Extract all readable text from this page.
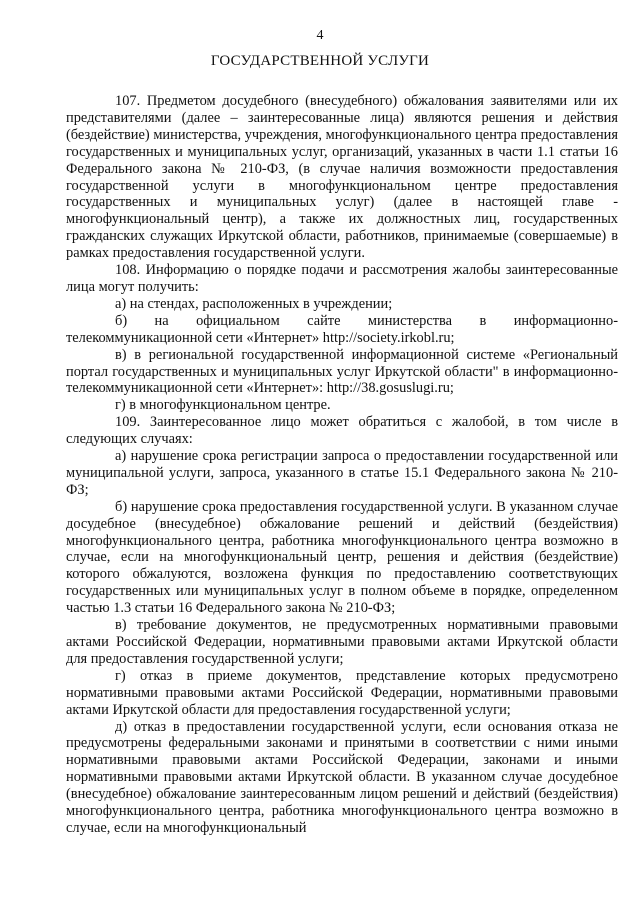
4
ГОСУДАРСТВЕННОЙ УСЛУГИ

107. Предметом досудебного (внесудебного) обжалования заявителями или их представителями (далее – заинтересованные лица) являются решения и действия (бездействие) министерства, учреждения, многофункционального центра предоставления государственных и муниципальных услуг, организаций, указанных в части 1.1 статьи 16 Федерального закона № 210-ФЗ, (в случае наличия возможности предоставления государственной услуги в многофункциональном центре предоставления государственных и муниципальных услуг) (далее в настоящей главе - многофункциональный центр), а также их должностных лиц, государственных гражданских служащих Иркутской области, работников, принимаемые (совершаемые) в рамках предоставления государственной услуги.

108. Информацию о порядке подачи и рассмотрения жалобы заинтересованные лица могут получить:

а) на стендах, расположенных в учреждении;

б) на официальном сайте министерства в информационно-телекоммуникационной сети «Интернет» http://society.irkobl.ru;

в) в региональной государственной информационной системе «Региональный портал государственных и муниципальных услуг Иркутской области" в информационно-телекоммуникационной сети «Интернет»: http://38.gosuslugi.ru;

г) в многофункциональном центре.

109. Заинтересованное лицо может обратиться с жалобой, в том числе в следующих случаях:

а) нарушение срока регистрации запроса о предоставлении государственной или муниципальной услуги, запроса, указанного в статье 15.1 Федерального закона № 210-ФЗ;

б) нарушение срока предоставления государственной услуги. В указанном случае досудебное (внесудебное) обжалование решений и действий (бездействия) многофункционального центра, работника многофункционального центра возможно в случае, если на многофункциональный центр, решения и действия (бездействие) которого обжалуются, возложена функция по предоставлению соответствующих государственных или муниципальных услуг в полном объеме в порядке, определенном частью 1.3 статьи 16 Федерального закона № 210-ФЗ;

в) требование документов, не предусмотренных нормативными правовыми актами Российской Федерации, нормативными правовыми актами Иркутской области для предоставления государственной услуги;

г) отказ в приеме документов, представление которых предусмотрено нормативными правовыми актами Российской Федерации, нормативными правовыми актами Иркутской области для предоставления государственной услуги;

д) отказ в предоставлении государственной услуги, если основания отказа не предусмотрены федеральными законами и принятыми в соответствии с ними иными нормативными правовыми актами Российской Федерации, законами и иными нормативными правовыми актами Иркутской области. В указанном случае досудебное (внесудебное) обжалование заинтересованным лицом решений и действий (бездействия) многофункционального центра, работника многофункционального центра возможно в случае, если на многофункциональный
